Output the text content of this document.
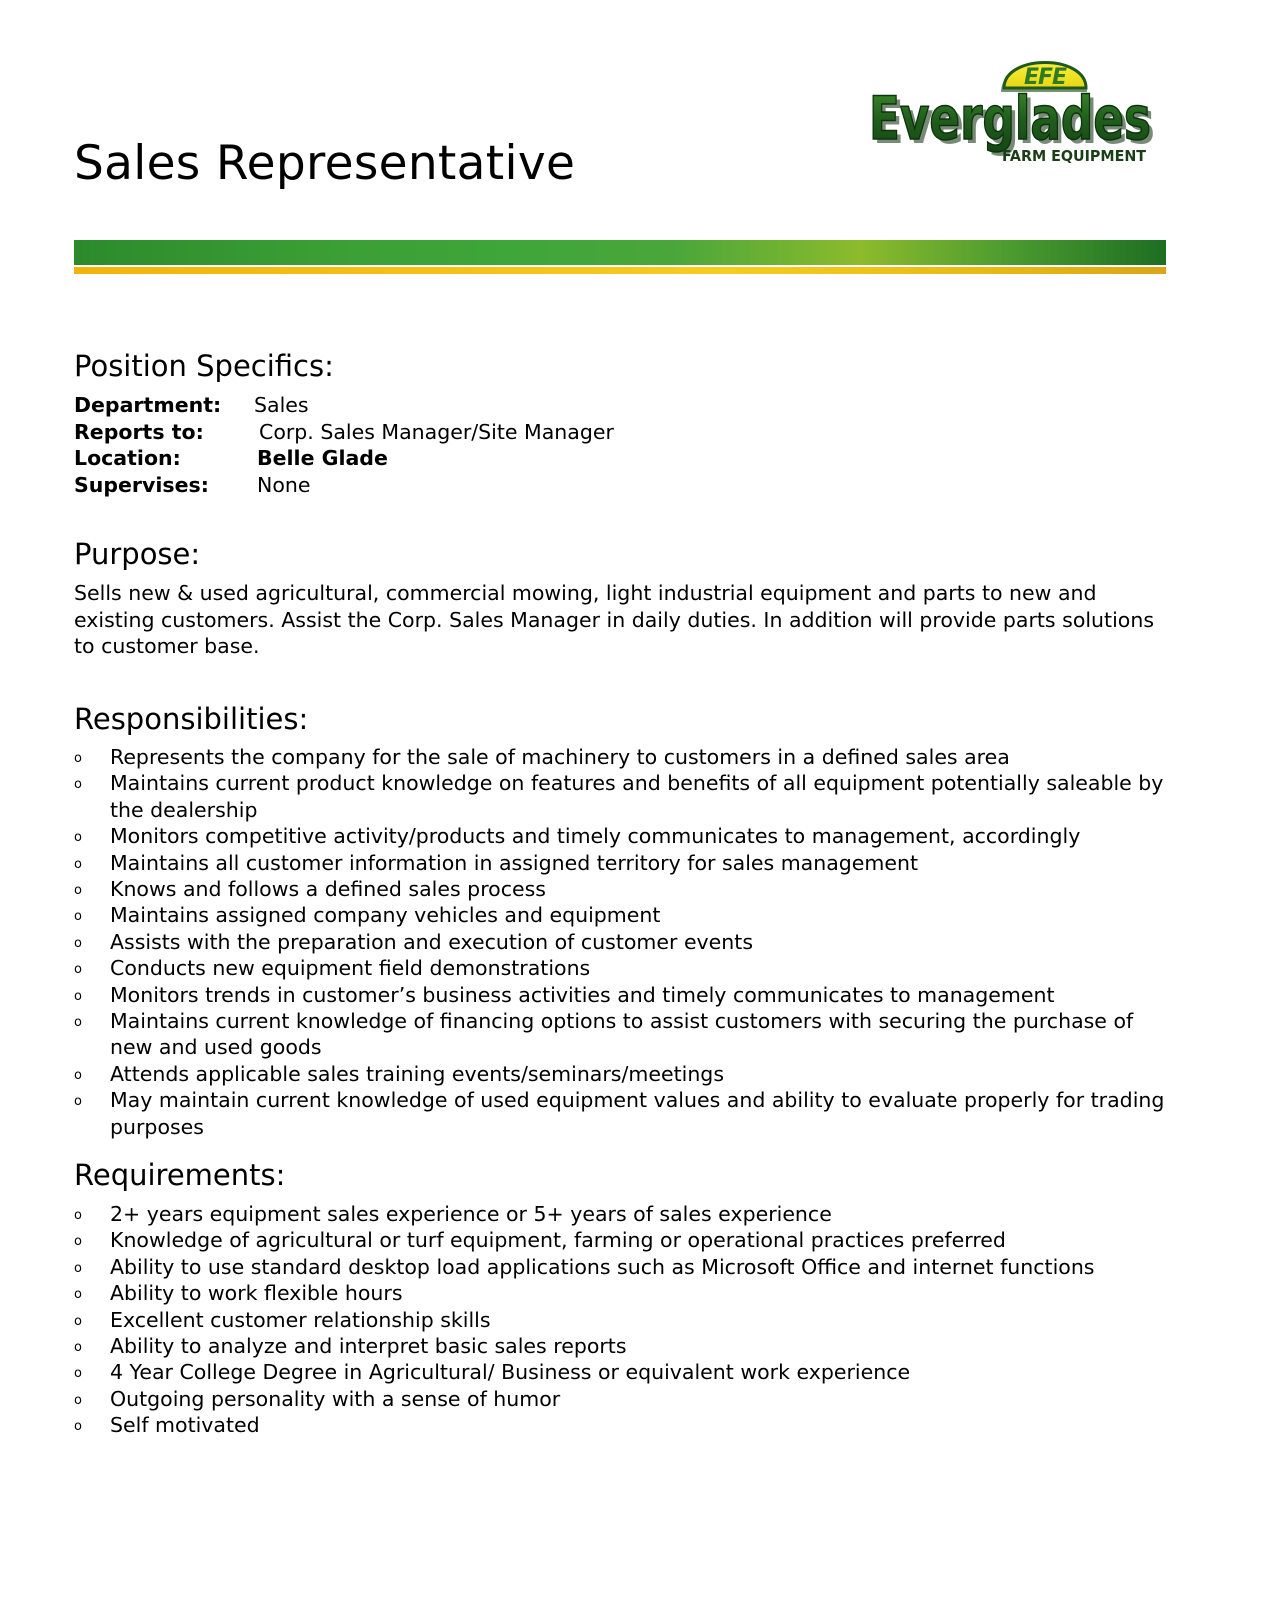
Sales Representative
EFE
Everglades
Everglades
FARM EQUIPMENT
Position Specifics:
Department: Sales
Reports to:	Corp. Sales Manager/Site Manager
Location:	Belle Glade
Supervises: None
Purpose:

Sells new & used agricultural, commercial mowing, light industrial equipment and parts to new and existing customers. Assist the Corp. Sales Manager in daily duties. In addition will provide parts solutions to customer base.

Responsibilities:
o Represents the company for the sale of machinery to customers in a defined sales area
o Maintains current product knowledge on features and benefits of all equipment potentially saleable by the dealership
o Monitors competitive activity/products and timely communicates to management, accordingly
o Maintains all customer information in assigned territory for sales management
o Knows and follows a defined sales process
o Maintains assigned company vehicles and equipment
o Assists with the preparation and execution of customer events
o Conducts new equipment field demonstrations
o Monitors trends in customer’s business activities and timely communicates to management
o Maintains current knowledge of financing options to assist customers with securing the purchase of new and used goods
o Attends applicable sales training events/seminars/meetings
o May maintain current knowledge of used equipment values and ability to evaluate properly for trading purposes
Requirements:
o 2+ years equipment sales experience or 5+ years of sales experience
o Knowledge of agricultural or turf equipment, farming or operational practices preferred
o Ability to use standard desktop load applications such as Microsoft Office and internet functions
o Ability to work flexible hours
o Excellent customer relationship skills
o Ability to analyze and interpret basic sales reports
o 4 Year College Degree in Agricultural/ Business or equivalent work experience
o Outgoing personality with a sense of humor
o Self motivated
